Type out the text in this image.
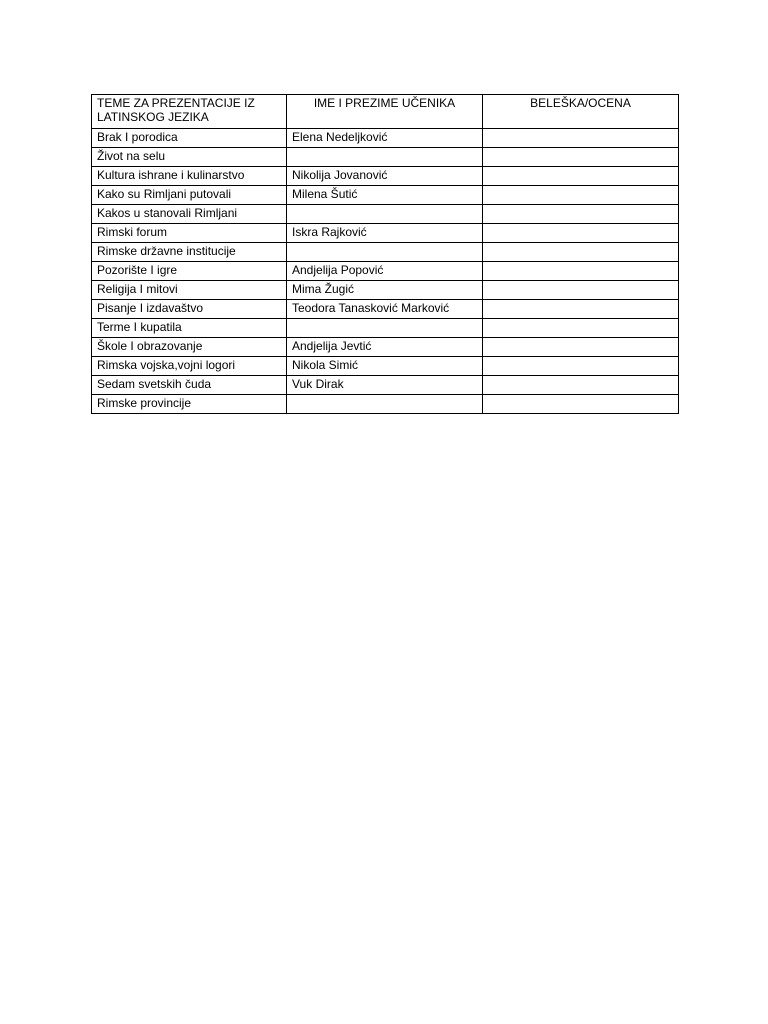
TEME ZA PREZENTACIJE IZ LATINSKOG JEZIKA	IME I PREZIME UČENIKA	BELEŠKA/OCENA
Brak I porodica	Elena Nedeljković	
Život na selu		
Kultura ishrane i kulinarstvo	Nikolija Jovanović	
Kako su Rimljani putovali	Milena Šutić	
Kakos u stanovali Rimljani		
Rimski forum	Iskra Rajković	
Rimske državne institucije		
Pozorište I igre	Andjelija Popović	
Religija I mitovi	Mima Žugić	
Pisanje I izdavaštvo	Teodora Tanasković Marković	
Terme I kupatila		
Škole I obrazovanje	Andjelija Jevtić	
Rimska vojska,vojni logori	Nikola Simić	
Sedam svetskih čuda	Vuk Dirak	
Rimske provincije		
